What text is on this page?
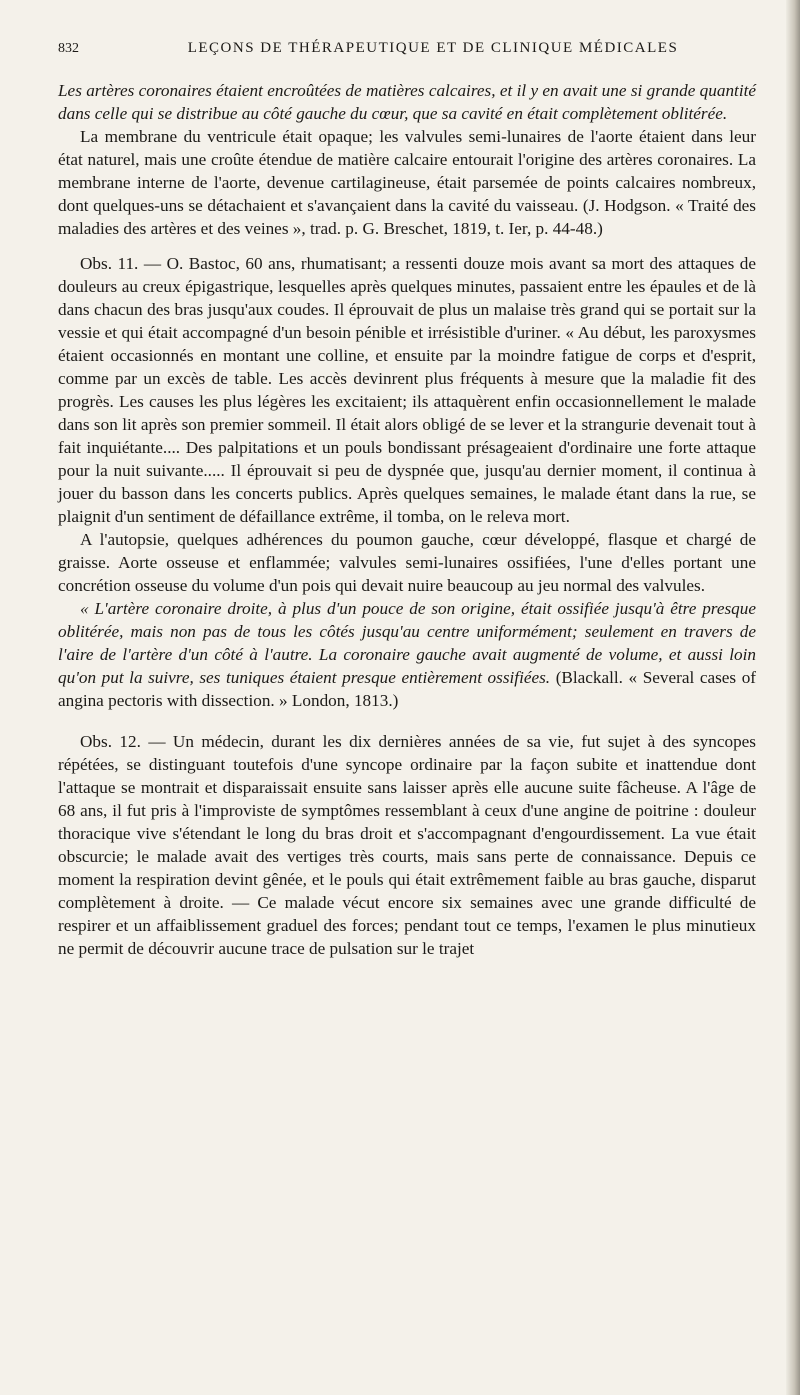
832	LEÇONS DE THÉRAPEUTIQUE ET DE CLINIQUE MÉDICALES

Les artères coronaires étaient encroûtées de matières calcaires, et il y en avait une si grande quantité dans celle qui se distribue au côté gauche du cœur, que sa cavité en était complètement oblitérée.

La membrane du ventricule était opaque; les valvules semi-lunaires de l'aorte étaient dans leur état naturel, mais une croûte étendue de matière calcaire entourait l'origine des artères coronaires. La membrane interne de l'aorte, devenue cartilagineuse, était parsemée de points calcaires nombreux, dont quelques-uns se détachaient et s'avançaient dans la cavité du vaisseau. (J. Hodgson. « Traité des maladies des artères et des veines », trad. p. G. Breschet, 1819, t. Ier, p. 44-48.)

Obs. 11. — O. Bastoc, 60 ans, rhumatisant; a ressenti douze mois avant sa mort des attaques de douleurs au creux épigastrique, lesquelles après quelques minutes, passaient entre les épaules et de là dans chacun des bras jusqu'aux coudes. Il éprouvait de plus un malaise très grand qui se portait sur la vessie et qui était accompagné d'un besoin pénible et irrésistible d'uriner. « Au début, les paroxysmes étaient occasionnés en montant une colline, et ensuite par la moindre fatigue de corps et d'esprit, comme par un excès de table. Les accès devinrent plus fréquents à mesure que la maladie fit des progrès. Les causes les plus légères les excitaient; ils attaquèrent enfin occasionnellement le malade dans son lit après son premier sommeil. Il était alors obligé de se lever et la strangurie devenait tout à fait inquiétante.... Des palpitations et un pouls bondissant présageaient d'ordinaire une forte attaque pour la nuit suivante..... Il éprouvait si peu de dyspnée que, jusqu'au dernier moment, il continua à jouer du basson dans les concerts publics. Après quelques semaines, le malade étant dans la rue, se plaignit d'un sentiment de défaillance extrême, il tomba, on le releva mort.

A l'autopsie, quelques adhérences du poumon gauche, cœur développé, flasque et chargé de graisse. Aorte osseuse et enflammée; valvules semi-lunaires ossifiées, l'une d'elles portant une concrétion osseuse du volume d'un pois qui devait nuire beaucoup au jeu normal des valvules.

« L'artère coronaire droite, à plus d'un pouce de son origine, était ossifiée jusqu'à être presque oblitérée, mais non pas de tous les côtés jusqu'au centre uniformément; seulement en travers de l'aire de l'artère d'un côté à l'autre. La coronaire gauche avait augmenté de volume, et aussi loin qu'on put la suivre, ses tuniques étaient presque entièrement ossifiées. (Blackall. « Several cases of angina pectoris with dissection. » London, 1813.)

Obs. 12. — Un médecin, durant les dix dernières années de sa vie, fut sujet à des syncopes répétées, se distinguant toutefois d'une syncope ordinaire par la façon subite et inattendue dont l'attaque se montrait et disparaissait ensuite sans laisser après elle aucune suite fâcheuse. A l'âge de 68 ans, il fut pris à l'improviste de symptômes ressemblant à ceux d'une angine de poitrine : douleur thoracique vive s'étendant le long du bras droit et s'accompagnant d'engourdissement. La vue était obscurcie; le malade avait des vertiges très courts, mais sans perte de connaissance. Depuis ce moment la respiration devint gênée, et le pouls qui était extrêmement faible au bras gauche, disparut complètement à droite. — Ce malade vécut encore six semaines avec une grande difficulté de respirer et un affaiblissement graduel des forces; pendant tout ce temps, l'examen le plus minutieux ne permit de découvrir aucune trace de pulsation sur le trajet
